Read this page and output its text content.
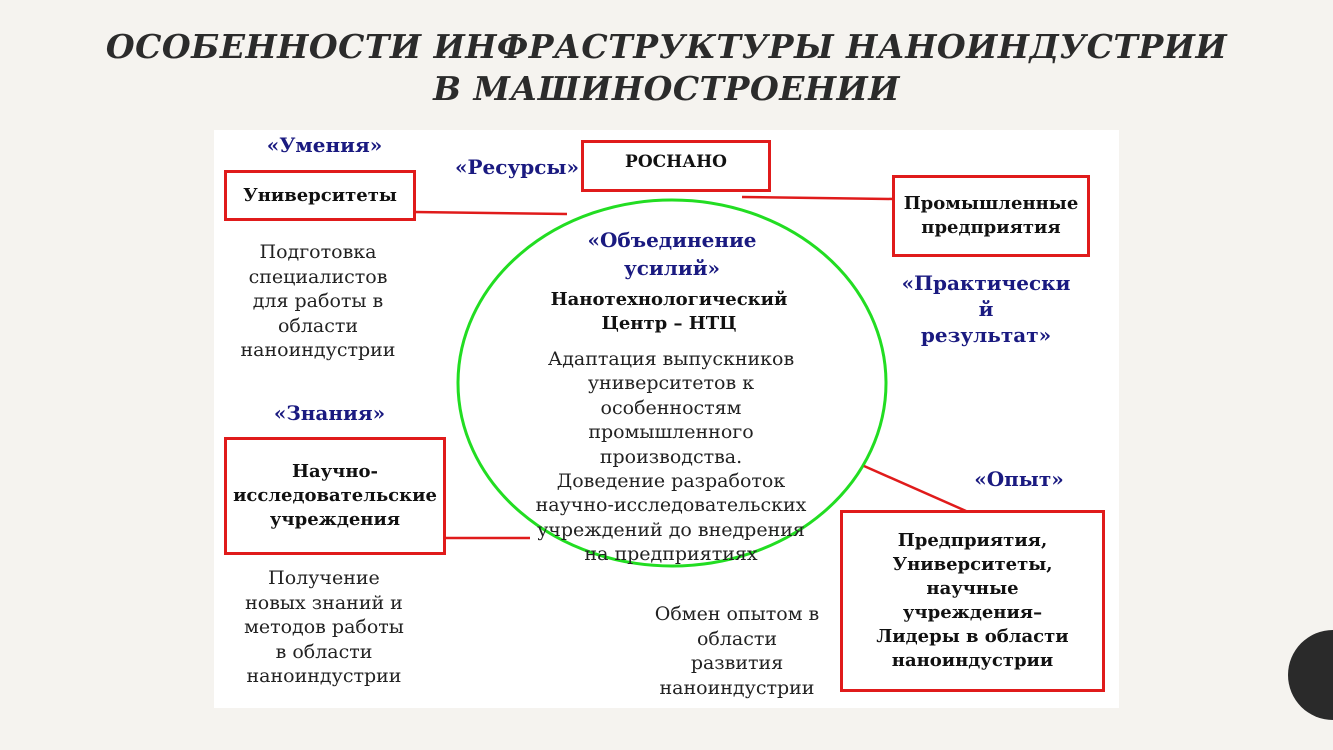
ОСОБЕННОСТИ ИНФРАСТРУКТУРЫ НАНОИНДУСТРИИ
В МАШИНОСТРОЕНИИ
«Умения»
Университеты
«Ресурсы»	РОСНАНО
Промышленные
предприятия
«Объединение
усилий»
Нанотехнологический
Центр – НТЦ
Адаптация выпускников
университетов к
особенностям
промышленного
производства.
Доведение разработок
научно-исследовательских
учреждений до внедрения
на предприятиях
Подготовка
специалистов
для работы в
области
наноиндустрии
«Практически
й
результат»
«Знания»
Научно-
исследовательские
учреждения
«Опыт»
Предприятия,
Университеты,
научные
учреждения–
Лидеры в области
наноиндустрии
Получение
новых знаний и
методов работы
в области
наноиндустрии
Обмен опытом в
области
развития
наноиндустрии
